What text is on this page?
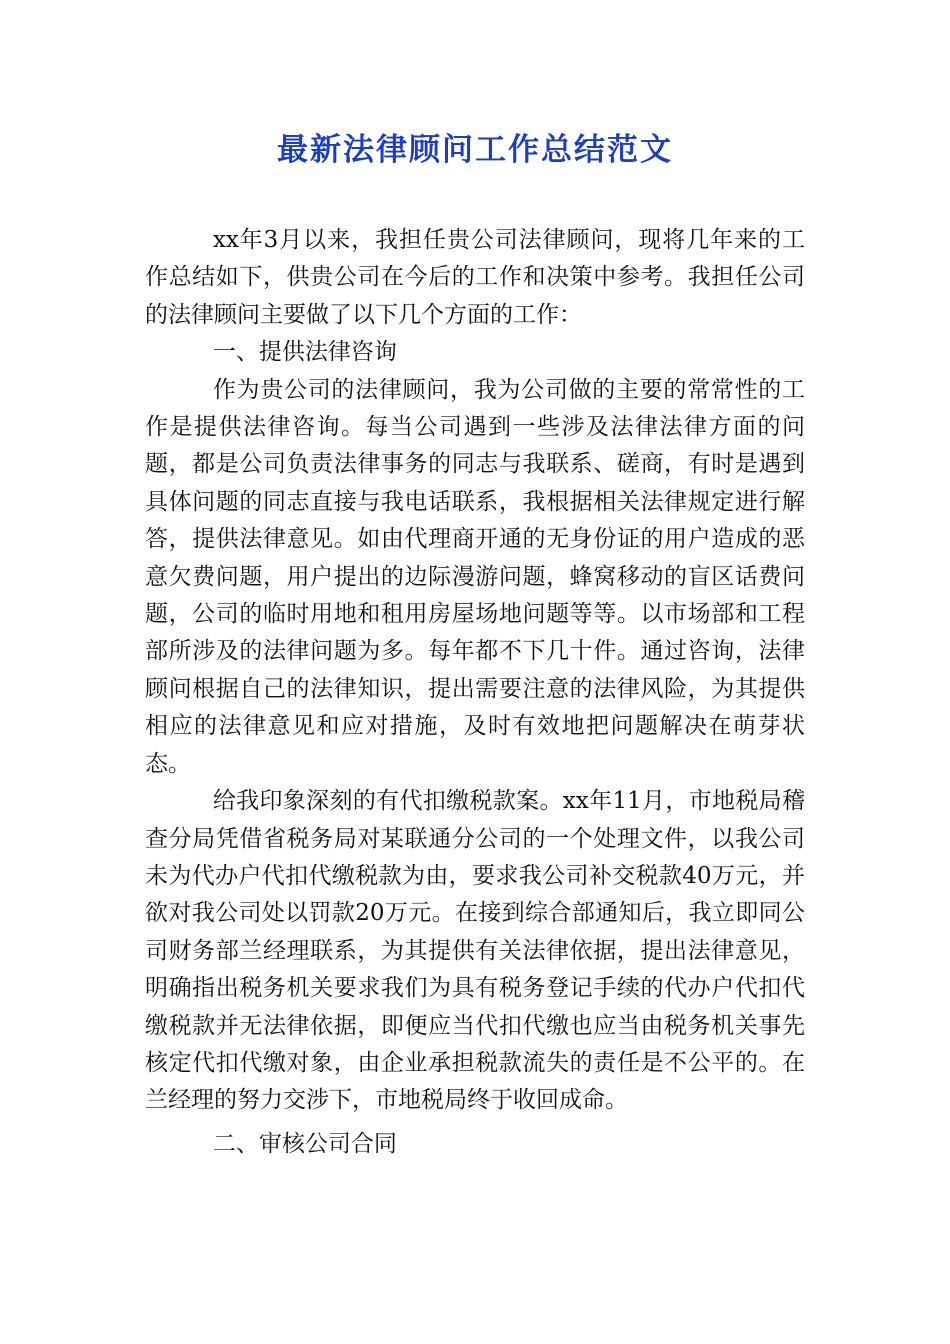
最新法律顾问工作总结范文

xx年3月以来，我担任贵公司法律顾问，现将几年来的工作总结如下，供贵公司在今后的工作和决策中参考。我担任公司的法律顾问主要做了以下几个方面的工作：

一、提供法律咨询

作为贵公司的法律顾问，我为公司做的主要的常常性的工作是提供法律咨询。每当公司遇到一些涉及法律法律方面的问题，都是公司负责法律事务的同志与我联系、磋商，有时是遇到具体问题的同志直接与我电话联系，我根据相关法律规定进行解答，提供法律意见。如由代理商开通的无身份证的用户造成的恶意欠费问题，用户提出的边际漫游问题，蜂窝移动的盲区话费问题，公司的临时用地和租用房屋场地问题等等。以市场部和工程部所涉及的法律问题为多。每年都不下几十件。通过咨询，法律顾问根据自己的法律知识，提出需要注意的法律风险，为其提供相应的法律意见和应对措施，及时有效地把问题解决在萌芽状态。

给我印象深刻的有代扣缴税款案。xx年11月，市地税局稽查分局凭借省税务局对某联通分公司的一个处理文件，以我公司未为代办户代扣代缴税款为由，要求我公司补交税款40万元，并欲对我公司处以罚款20万元。在接到综合部通知后，我立即同公司财务部兰经理联系，为其提供有关法律依据，提出法律意见，明确指出税务机关要求我们为具有税务登记手续的代办户代扣代缴税款并无法律依据，即便应当代扣代缴也应当由税务机关事先核定代扣代缴对象，由企业承担税款流失的责任是不公平的。在兰经理的努力交涉下，市地税局终于收回成命。

二、审核公司合同
